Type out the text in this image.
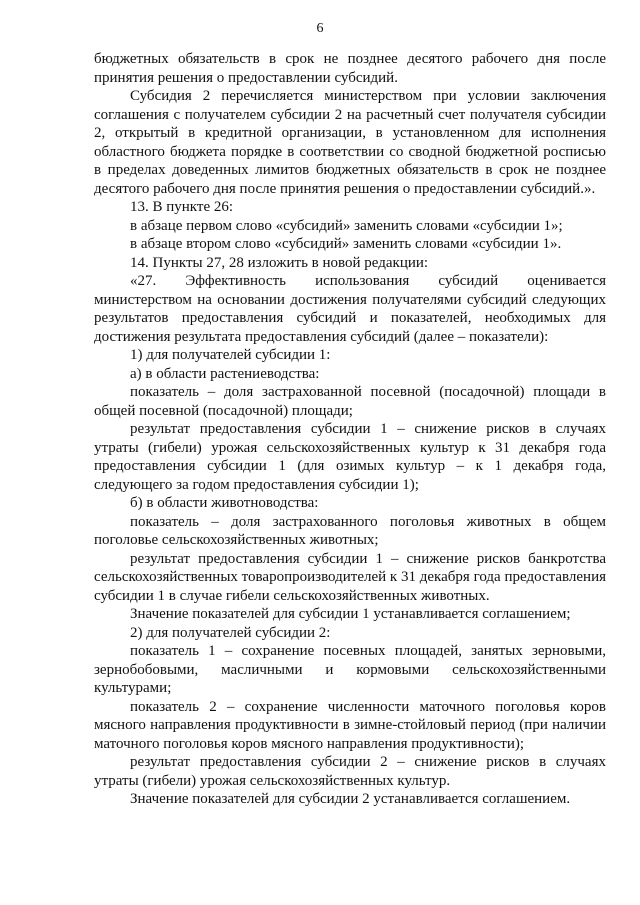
6

бюджетных обязательств в срок не позднее десятого рабочего дня после принятия решения о предоставлении субсидий.

Субсидия 2 перечисляется министерством при условии заключения соглашения с получателем субсидии 2 на расчетный счет получателя субсидии 2, открытый в кредитной организации, в установленном для исполнения областного бюджета порядке в соответствии со сводной бюджетной росписью в пределах доведенных лимитов бюджетных обязательств в срок не позднее десятого рабочего дня после принятия решения о предоставлении субсидий.».

13. В пункте 26:

в абзаце первом слово «субсидий» заменить словами «субсидии 1»;

в абзаце втором слово «субсидий» заменить словами «субсидии 1».

14. Пункты 27, 28 изложить в новой редакции:

«27. Эффективность использования субсидий оценивается министерством на основании достижения получателями субсидий следующих результатов предоставления субсидий и показателей, необходимых для достижения результата предоставления субсидий (далее – показатели):

1) для получателей субсидии 1:

а) в области растениеводства:

показатель – доля застрахованной посевной (посадочной) площади в общей посевной (посадочной) площади;

результат предоставления субсидии 1 – снижение рисков в случаях утраты (гибели) урожая сельскохозяйственных культур к 31 декабря года предоставления субсидии 1 (для озимых культур – к 1 декабря года, следующего за годом предоставления субсидии 1);

б) в области животноводства:

показатель – доля застрахованного поголовья животных в общем поголовье сельскохозяйственных животных;

результат предоставления субсидии 1 – снижение рисков банкротства сельскохозяйственных товаропроизводителей к 31 декабря года предоставления субсидии 1 в случае гибели сельскохозяйственных животных.

Значение показателей для субсидии 1 устанавливается соглашением;

2) для получателей субсидии 2:

показатель 1 – сохранение посевных площадей, занятых зерновыми, зернобобовыми, масличными и кормовыми сельскохозяйственными культурами;

показатель 2 – сохранение численности маточного поголовья коров мясного направления продуктивности в зимне-стойловый период (при наличии маточного поголовья коров мясного направления продуктивности);

результат предоставления субсидии 2 – снижение рисков в случаях утраты (гибели) урожая сельскохозяйственных культур.

Значение показателей для субсидии 2 устанавливается соглашением.
